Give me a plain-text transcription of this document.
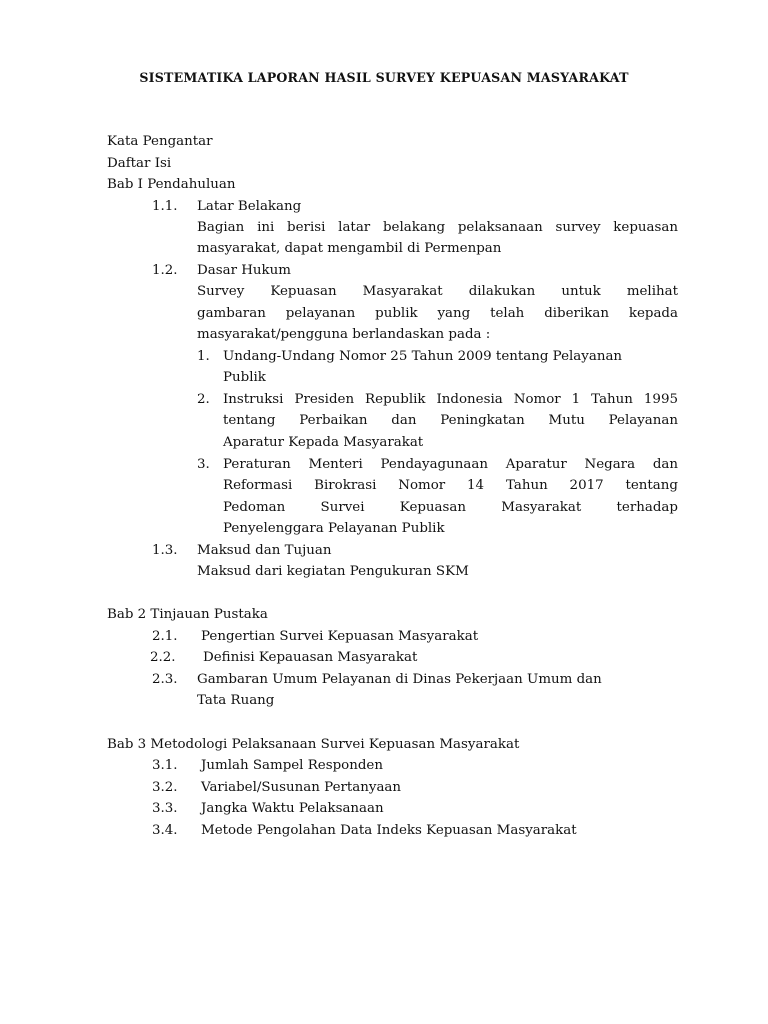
SISTEMATIKA LAPORAN HASIL SURVEY KEPUASAN MASYARAKAT
Kata Pengantar
Daftar Isi
Bab I Pendahuluan
1.1. Latar Belakang
Bagian ini berisi latar belakang pelaksanaan survey kepuasan
masyarakat, dapat mengambil di Permenpan
1.2. Dasar Hukum
Survey Kepuasan Masyarakat dilakukan untuk melihat
gambaran pelayanan publik yang telah diberikan kepada
masyarakat/pengguna berlandaskan pada :
1. Undang-Undang Nomor 25 Tahun 2009 tentang Pelayanan
Publik
2. Instruksi Presiden Republik Indonesia Nomor 1 Tahun 1995
tentang Perbaikan dan Peningkatan Mutu Pelayanan
Aparatur Kepada Masyarakat
3. Peraturan Menteri Pendayagunaan Aparatur Negara dan
Reformasi Birokrasi Nomor 14 Tahun 2017 tentang
Pedoman Survei Kepuasan Masyarakat terhadap
Penyelenggara Pelayanan Publik
1.3. Maksud dan Tujuan
Maksud dari kegiatan Pengukuran SKM
Bab 2 Tinjauan Pustaka
2.1. Pengertian Survei Kepuasan Masyarakat
2.2. Definisi Kepauasan Masyarakat
2.3. Gambaran Umum Pelayanan di Dinas Pekerjaan Umum dan
Tata Ruang
Bab 3 Metodologi Pelaksanaan Survei Kepuasan Masyarakat
3.1. Jumlah Sampel Responden
3.2. Variabel/Susunan Pertanyaan
3.3. Jangka Waktu Pelaksanaan
3.4. Metode Pengolahan Data Indeks Kepuasan Masyarakat
